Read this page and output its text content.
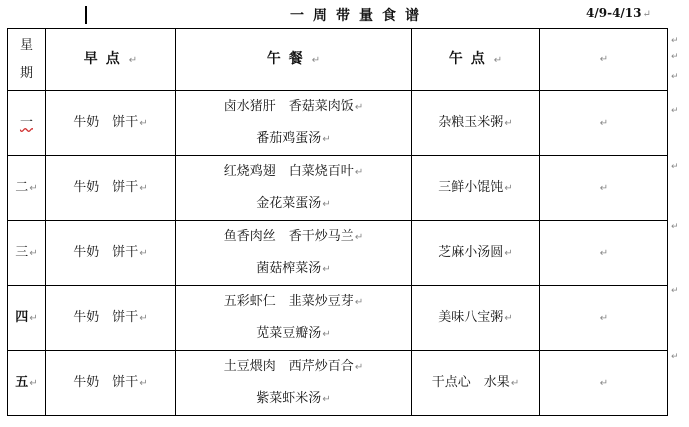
一周带量食谱	4/9-4/13↵
星期	早点↵	午餐↵	午点↵	↵
一	牛奶　饼干↵	卤水猪肝　香菇菜肉饭↵
番茄鸡蛋汤↵	杂粮玉米粥↵	↵
二↵	牛奶　饼干↵	红烧鸡翅　白菜烧百叶↵
金花菜蛋汤↵	三鲜小馄饨↵	↵
三↵	牛奶　饼干↵	鱼香肉丝　香干炒马兰↵
菌菇榨菜汤↵	芝麻小汤圆↵	↵
四↵	牛奶　饼干↵	五彩虾仁　韭菜炒豆芽↵
苋菜豆瓣汤↵	美味八宝粥↵	↵
五↵	牛奶　饼干↵	土豆煨肉　西芹炒百合↵
紫菜虾米汤↵	干点心　水果↵	↵
↵
↵
↵
↵
↵
↵
↵
↵
